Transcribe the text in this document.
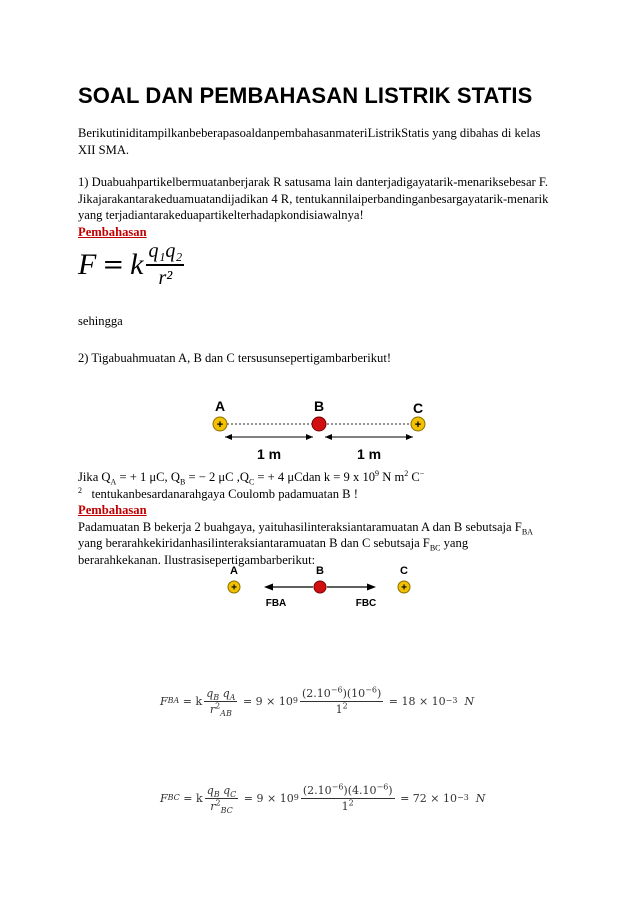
SOAL DAN PEMBAHASAN LISTRIK STATIS
BerikutiniditampilkanbeberapasoaldanpembahasanmateriListrikStatis yang dibahas di kelas
XII SMA.
1) Duabuahpartikelbermuatanberjarak R satusama lain danterjadigayatarik-menariksebesar F.
Jikajarakantarakeduamuatandijadikan 4 R, tentukannilaiperbandinganbesargayatarik-menarik
yang terjadiantarakeduapartikelterhadapkondisiawalnya!
Pembahasan
F = k $\frac{\text{q₁q₂}}{\text{r²}}$
sehingga
2) Tigabuahmuatan A, B dan C tersusunsepertigambarberikut!
A	B	C
+	+
1 m	1 m
Jika $Q_A$ = + 1 μC, $Q_B$ = − 2 μC $,Q_C$ = + 4 μCdan k = 9 x $10^9$ N $m^2$ C−
$^2$ tentukanbesardanarahgaya Coulomb padamuatan B !
Pembahasan
Padamuatan B bekerja 2 buahgaya, yaituhasilinteraksiantaramuatan A dan B sebutsaja $F_{BA}$
yang berarahkekiridanhasilinteraksiantaramuatan B dan C sebutsaja $F_{BC}$ yang
berarahkekanan. Ilustrasisepertigambarberikut:
A	B	C
+	+
FBA	FBC
F BA
= k $\frac{q_B q_A}{r^2_{AB}}$
= 9 × 10 $9 \frac{(2.10^{-6})(10^{-6})}{1^2}$
= 18 × 10 −3
N
F BC
= k $\frac{q_B q_C}{r^2_{BC}}$
= 9 × 10 $9 \frac{(2.10^{-6})(4.10^{-6})}{1^2}$
= 72 × 10 −3
N
